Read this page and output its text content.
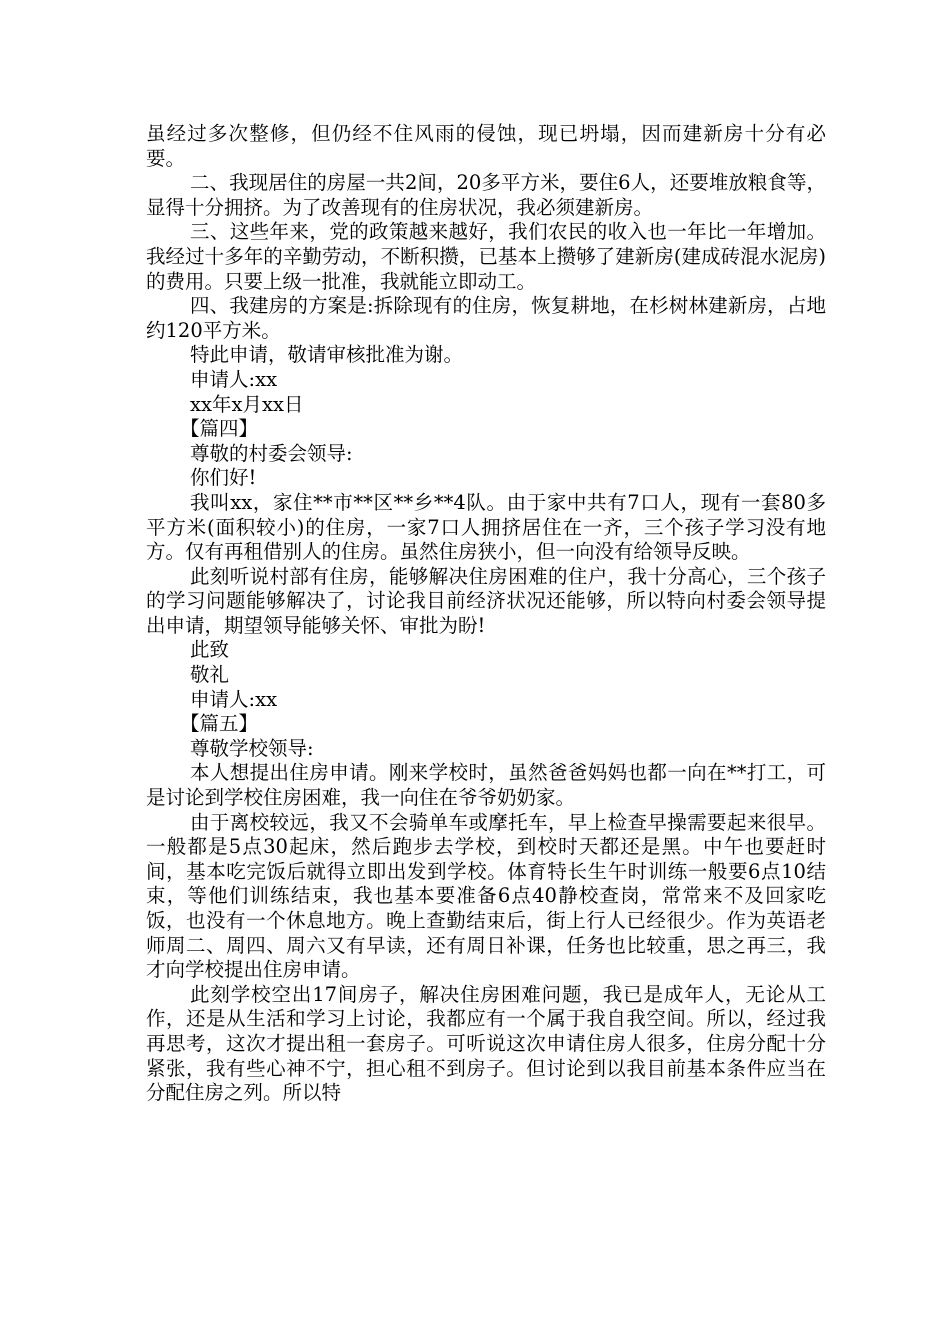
虽经过多次整修，但仍经不住风雨的侵蚀，现已坍塌，因而建新房十分有必要。

二、我现居住的房屋一共2间，20多平方米，要住6人，还要堆放粮食等，显得十分拥挤。为了改善现有的住房状况，我必须建新房。

三、这些年来，党的政策越来越好，我们农民的收入也一年比一年增加。我经过十多年的辛勤劳动，不断积攒，已基本上攒够了建新房(建成砖混水泥房)的费用。只要上级一批准，我就能立即动工。

四、我建房的方案是:拆除现有的住房，恢复耕地，在杉树林建新房，占地约120平方米。

特此申请，敬请审核批准为谢。

申请人:xx

xx年x月xx日

【篇四】

尊敬的村委会领导:

你们好!

我叫xx，家住**市**区**乡**4队。由于家中共有7口人，现有一套80多平方米(面积较小)的住房，一家7口人拥挤居住在一齐，三个孩子学习没有地方。仅有再租借别人的住房。虽然住房狭小，但一向没有给领导反映。

此刻听说村部有住房，能够解决住房困难的住户，我十分高心，三个孩子的学习问题能够解决了，讨论我目前经济状况还能够，所以特向村委会领导提出申请，期望领导能够关怀、审批为盼!

此致

敬礼

申请人:xx

【篇五】

尊敬学校领导:

本人想提出住房申请。刚来学校时，虽然爸爸妈妈也都一向在**打工，可是讨论到学校住房困难，我一向住在爷爷奶奶家。

由于离校较远，我又不会骑单车或摩托车，早上检查早操需要起来很早。一般都是5点30起床，然后跑步去学校，到校时天都还是黑。中午也要赶时间，基本吃完饭后就得立即出发到学校。体育特长生午时训练一般要6点10结束，等他们训练结束，我也基本要准备6点40静校查岗，常常来不及回家吃饭，也没有一个休息地方。晚上查勤结束后，街上行人已经很少。作为英语老师周二、周四、周六又有早读，还有周日补课，任务也比较重，思之再三，我才向学校提出住房申请。

此刻学校空出17间房子，解决住房困难问题，我已是成年人，无论从工作，还是从生活和学习上讨论，我都应有一个属于我自我空间。所以，经过我再思考，这次才提出租一套房子。可听说这次申请住房人很多，住房分配十分紧张，我有些心神不宁，担心租不到房子。但讨论到以我目前基本条件应当在分配住房之列。所以特
